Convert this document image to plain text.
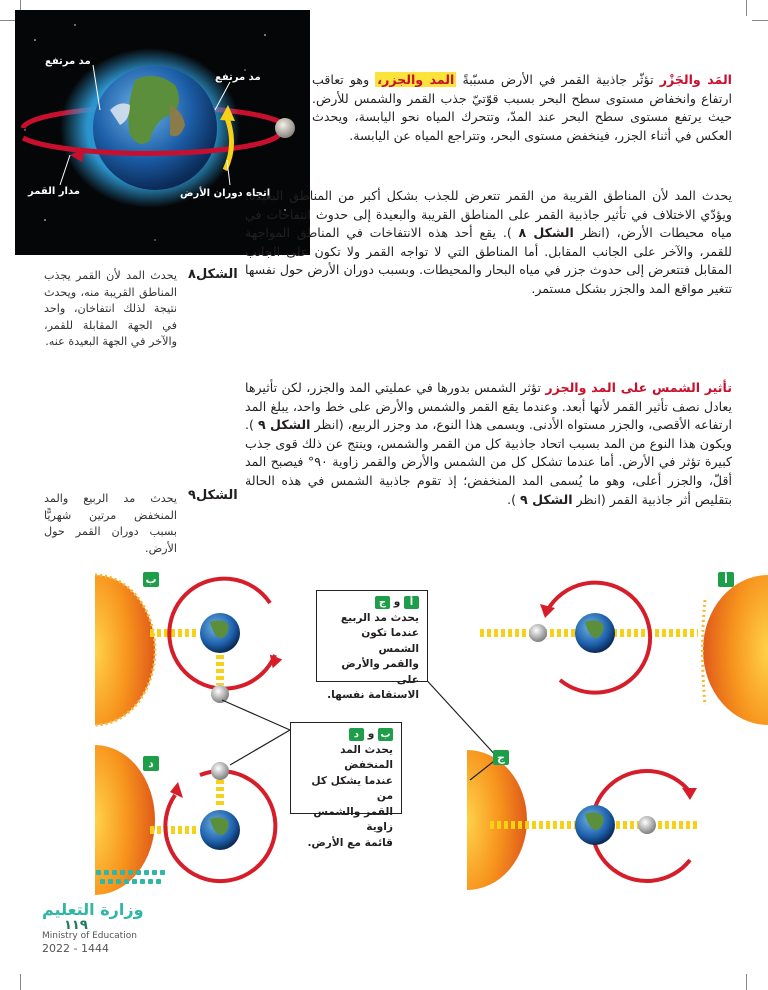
مد مرتفع
مد مرتفع
مدار القمر	إتجاه دوران الأرض

المَد والجَزْر تؤثّر جاذبية القمر في الأرض مسبّبةً المد والجزر، وهو تعاقب ارتفاع وانخفاض مستوى سطح البحر بسبب قوّتيّ جذب القمر والشمس للأرض. حيث يرتفع مستوى سطح البحر عند المدّ، وتتحرك المياه نحو اليابسة، ويحدث العكس في أثناء الجزر، فينخفض مستوى البحر، وتتراجع المياه عن اليابسة.

يحدث المد لأن المناطق القريبة من القمر تتعرض للجذب بشكل أكبر من المناطق البعيدة. ويؤدّي الاختلاف في تأثير جاذبية القمر على المناطق القريبة والبعيدة إلى حدوث انتفاخات في مياه محيطات الأرض، (انظر الشكل ٨ ). يقع أحد هذه الانتفاخات في المناطق المواجهة للقمر، والآخر على الجانب المقابل. أما المناطق التي لا تواجه القمر ولا تكون على الجانب المقابل فتتعرض إلى حدوث جزر في مياه البحار والمحيطات. وبسبب دوران الأرض حول نفسها تتغير مواقع المد والجزر بشكل مستمر.

الشكل٨

يحدث المد لأن القمر يجذب المناطق القريبة منه، ويحدث نتيجة لذلك انتفاخان، واحد في الجهة المقابلة للقمر، والآخر في الجهة البعيدة عنه.

تأثير الشمس على المد والجزر تؤثر الشمس بدورها في عمليتي المد والجزر، لكن تأثيرها يعادل نصف تأثير القمر لأنها أبعد. وعندما يقع القمر والشمس والأرض على خط واحد، يبلغ المد ارتفاعه الأقصى، والجزر مستواه الأدنى. ويسمى هذا النوع، مد وجزر الربيع، (انظر الشكل ٩ ). ويكون هذا النوع من المد بسبب اتحاد جاذبية كل من القمر والشمس، وينتج عن ذلك قوى جذب كبيرة تؤثر في الأرض. أما عندما تشكل كل من الشمس والأرض والقمر زاوية ٩٠° فيصبح المد أقلّ، والجزر أعلى، وهو ما يُسمى المد المنخفض؛ إذ تقوم جاذبية الشمس في هذه الحالة بتقليص أثر جاذبية القمر (انظر الشكل ٩ ).

الشكل٩

يحدث مد الربيع والمد المنخفض مرتين شهريًّا بسبب دوران القمر حول الأرض.

ب	أ
د	ج
أ و ج
يحدث مد الربيع
عندما تكون الشمس
والقمر والأرض على
الاستقامة نفسها.
ب و د
يحدث المد المنخفض
عندما يشكل كل من
القمر والشمس زاوية
قائمة مع الأرض.
وزارة التعليم
١١٩
Ministry of Education
2022 - 1444
